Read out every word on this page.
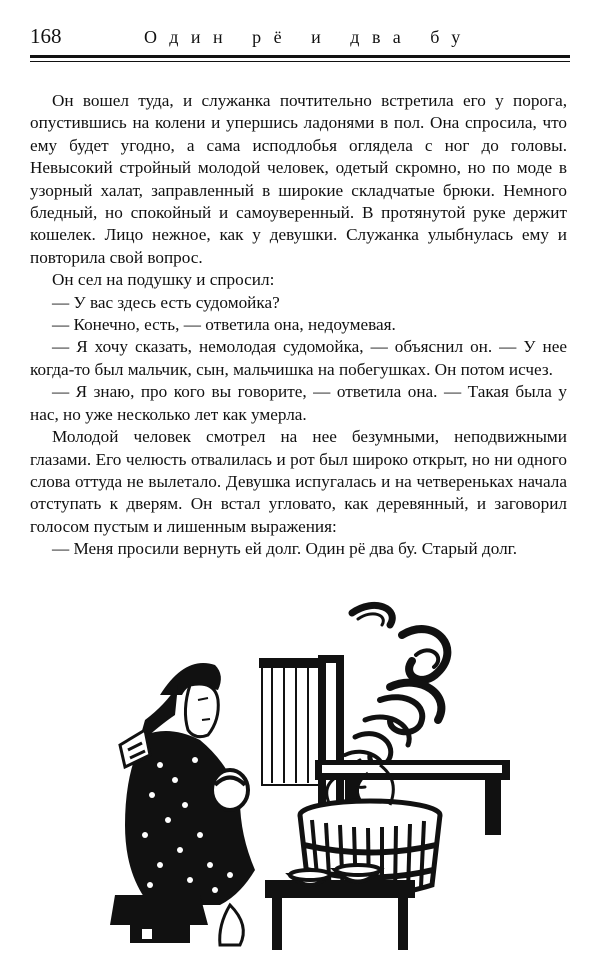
168	Один рё и два бу

Он вошел туда, и служанка почтительно встретила его у порога, опустившись на колени и упершись ладонями в пол. Она спросила, что ему будет угодно, а сама исподлобья оглядела с ног до головы. Невысокий стройный молодой человек, одетый скромно, но по моде в узорный халат, заправленный в широкие складчатые брюки. Немного бледный, но спокойный и самоуверенный. В протянутой руке держит кошелек. Лицо нежное, как у девушки. Служанка улыбнулась ему и повторила свой вопрос.

Он сел на подушку и спросил:

— У вас здесь есть судомойка?

— Конечно, есть, — ответила она, недоумевая.

— Я хочу сказать, немолодая судомойка, — объяснил он. — У нее когда-то был мальчик, сын, мальчишка на побегушках. Он потом исчез.

— Я знаю, про кого вы говорите, — ответила она. — Такая была у нас, но уже несколько лет как умерла.

Молодой человек смотрел на нее безумными, неподвижными глазами. Его челюсть отвалилась и рот был широко открыт, но ни одного слова оттуда не вылетало. Девушка испугалась и на четвереньках начала отступать к дверям. Он встал угловато, как деревянный, и заговорил голосом пустым и лишенным выражения:

— Меня просили вернуть ей долг. Один рё два бу. Старый долг.
